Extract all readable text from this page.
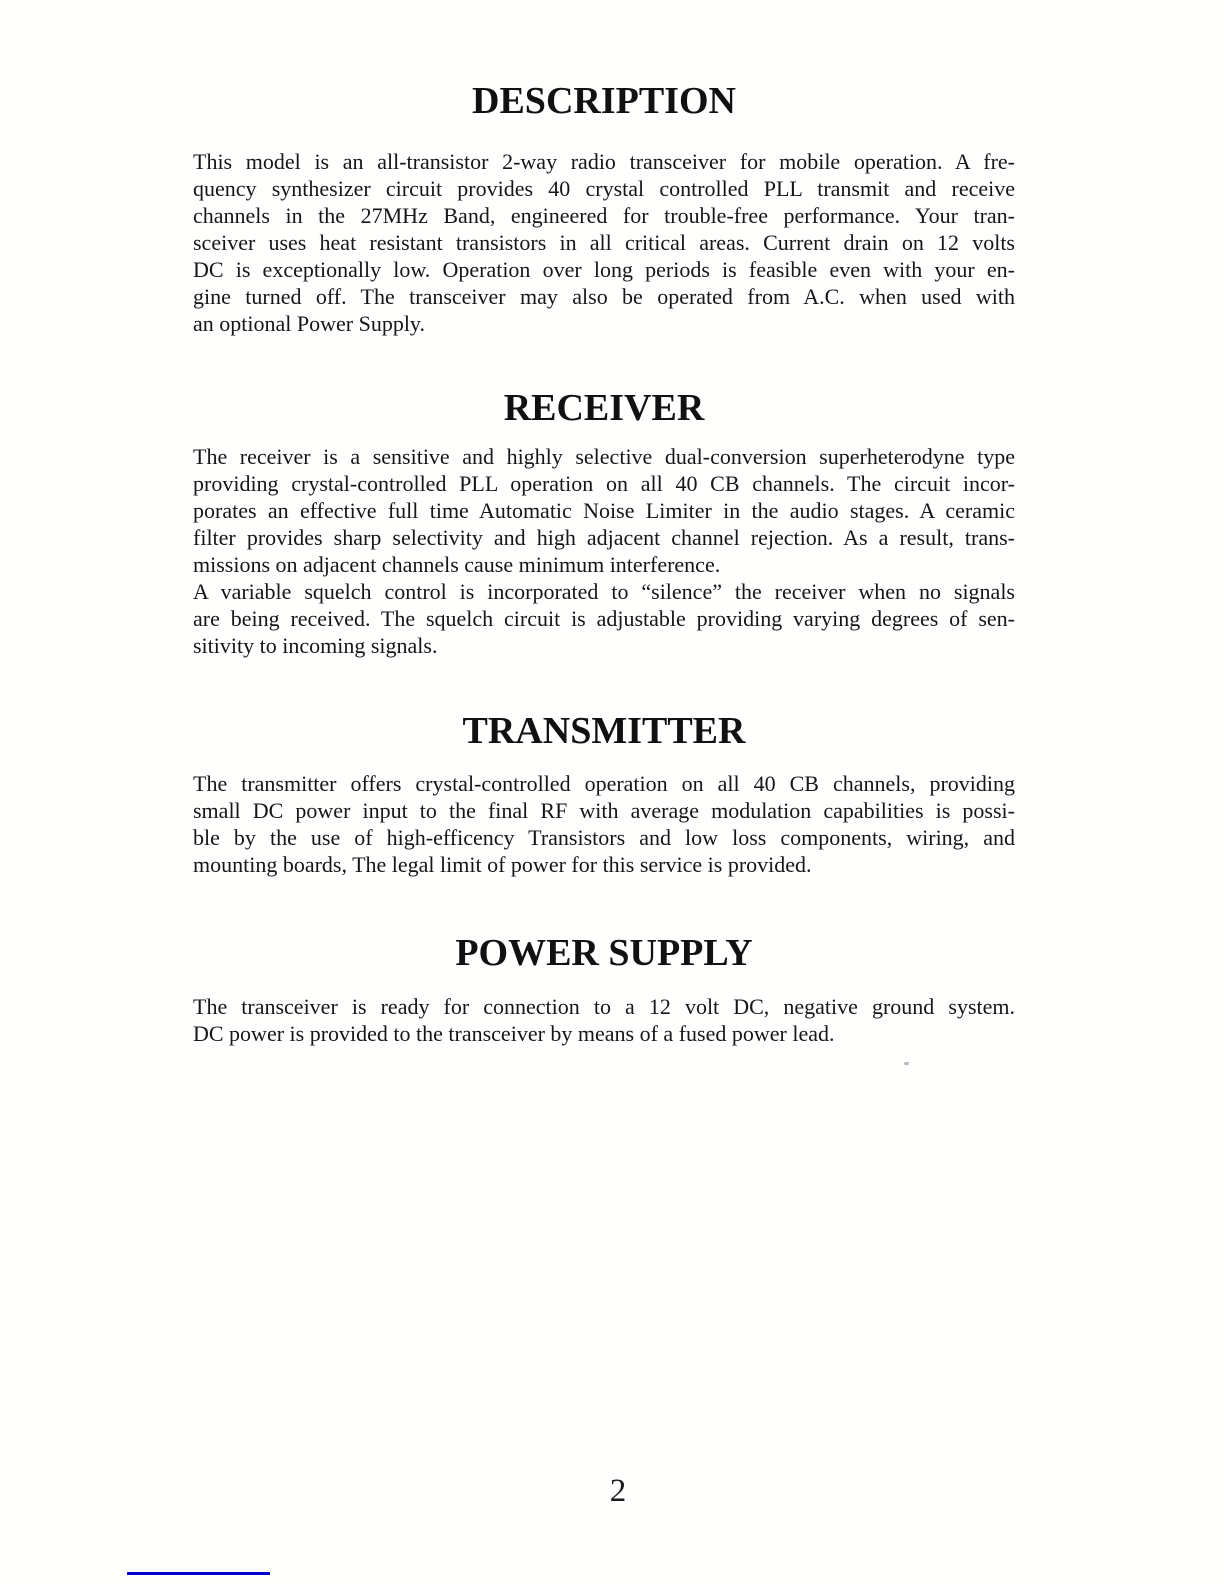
DESCRIPTION
This model is an all-transistor 2-way radio transceiver for mobile operation. A fre-
quency synthesizer circuit provides 40 crystal controlled PLL transmit and receive
channels in the 27MHz Band, engineered for trouble-free performance. Your tran-
sceiver uses heat resistant transistors in all critical areas. Current drain on 12 volts
DC is exceptionally low. Operation over long periods is feasible even with your en-
gine turned off. The transceiver may also be operated from A.C. when used with
an optional Power Supply.
RECEIVER
The receiver is a sensitive and highly selective dual-conversion superheterodyne type
providing crystal-controlled PLL operation on all 40 CB channels. The circuit incor-
porates an effective full time Automatic Noise Limiter in the audio stages. A ceramic
filter provides sharp selectivity and high adjacent channel rejection. As a result, trans-
missions on adjacent channels cause minimum interference.
A variable squelch control is incorporated to “silence” the receiver when no signals
are being received. The squelch circuit is adjustable providing varying degrees of sen-
sitivity to incoming signals.
TRANSMITTER
The transmitter offers crystal-controlled operation on all 40 CB channels, providing
small DC power input to the final RF with average modulation capabilities is possi-
ble by the use of high-efficency Transistors and low loss components, wiring, and
mounting boards, The legal limit of power for this service is provided.
POWER SUPPLY
The transceiver is ready for connection to a 12 volt DC, negative ground system.
DC power is provided to the transceiver by means of a fused power lead.
2
